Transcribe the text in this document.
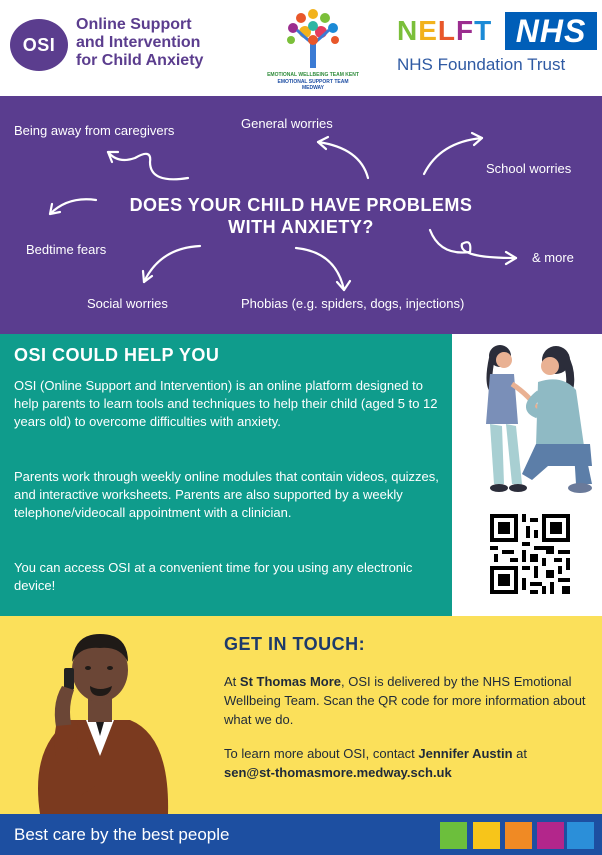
OSI
Online Support
and Intervention
for Child Anxiety
EMOTIONAL WELLBEING TEAM KENT
EMOTIONAL SUPPORT TEAM
MEDWAY
NELFT NHS
NHS Foundation Trust
Being away from caregivers	General worries
School worries
Bedtime fears
& more
Social worries	Phobias (e.g. spiders, dogs, injections)
DOES YOUR CHILD HAVE PROBLEMS
WITH ANXIETY?
OSI COULD HELP YOU
OSI (Online Support and Intervention) is an online platform designed to help parents to learn tools and techniques to help their child (aged 5 to 12 years old) to overcome difficulties with anxiety.
Parents work through weekly online modules that contain videos, quizzes, and interactive worksheets. Parents are also supported by a weekly telephone/videocall appointment with a clinician.
You can access OSI at a convenient time for you using any electronic device!
GET IN TOUCH:
At St Thomas More, OSI is delivered by the NHS Emotional Wellbeing Team. Scan the QR code for more information about what we do.
To learn more about OSI, contact Jennifer Austin at
sen@st-thomasmore.medway.sch.uk
Best care by the best people
